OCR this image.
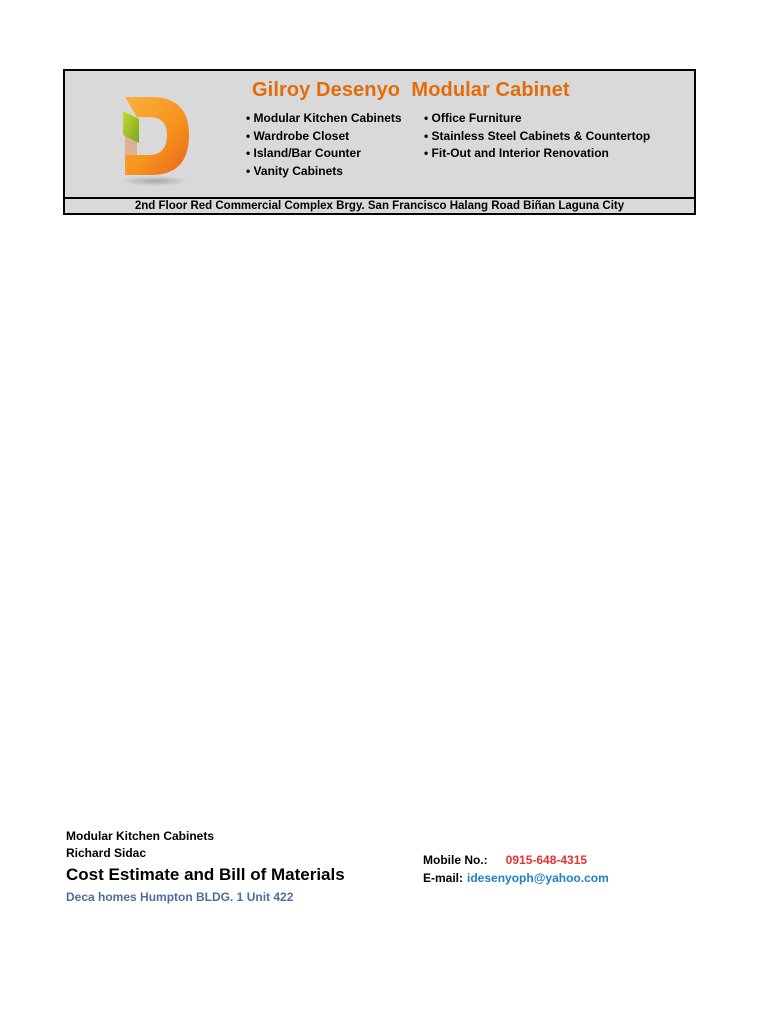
Gilroy Desenyo  Modular Cabinet
• Modular Kitchen Cabinets
• Wardrobe Closet
• Island/Bar Counter
• Vanity Cabinets
• Office Furniture
• Stainless Steel Cabinets & Countertop
• Fit-Out and Interior Renovation
2nd Floor Red Commercial Complex Brgy. San Francisco Halang Road Biñan Laguna City
Modular Kitchen Cabinets
Richard Sidac
Cost Estimate and Bill of Materials
Deca homes Humpton BLDG. 1 Unit 422
Mobile No.: 0915-648-4315
E-mail: idesenyoph@yahoo.com
